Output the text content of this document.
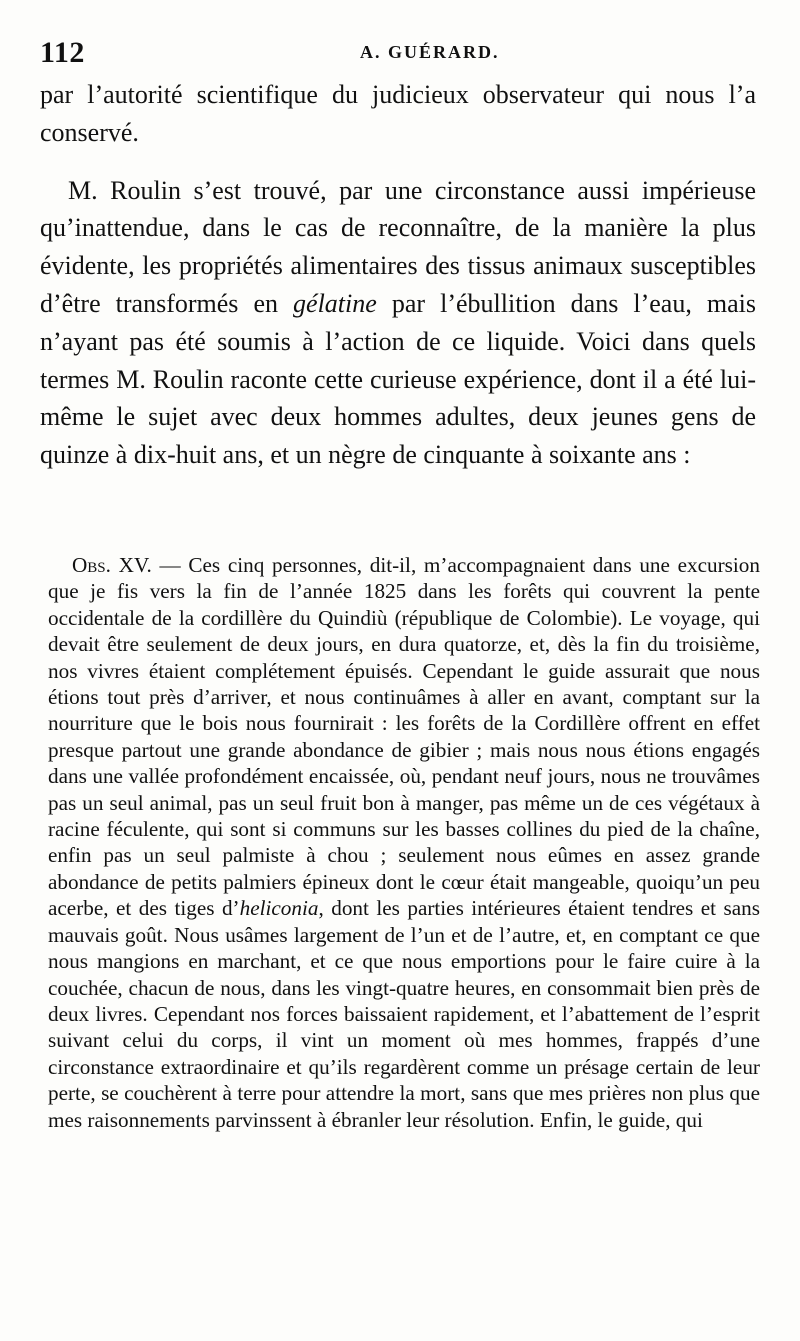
112	A. GUÉRARD.

par l’autorité scientifique du judicieux observateur qui nous l’a conservé.

M. Roulin s’est trouvé, par une circonstance aussi impérieuse qu’inattendue, dans le cas de reconnaître, de la manière la plus évidente, les propriétés alimentaires des tissus animaux susceptibles d’être transformés en gélatine par l’ébullition dans l’eau, mais n’ayant pas été soumis à l’action de ce liquide. Voici dans quels termes M. Roulin raconte cette curieuse expérience, dont il a été lui-même le sujet avec deux hommes adultes, deux jeunes gens de quinze à dix-huit ans, et un nègre de cinquante à soixante ans :

Obs. XV. — Ces cinq personnes, dit-il, m’accompagnaient dans une excursion que je fis vers la fin de l’année 1825 dans les forêts qui couvrent la pente occidentale de la cordillère du Quindiù (république de Colombie). Le voyage, qui devait être seulement de deux jours, en dura quatorze, et, dès la fin du troisième, nos vivres étaient complétement épuisés. Cependant le guide assurait que nous étions tout près d’arriver, et nous continuâmes à aller en avant, comptant sur la nourriture que le bois nous fournirait : les forêts de la Cordillère offrent en effet presque partout une grande abondance de gibier ; mais nous nous étions engagés dans une vallée profondément encaissée, où, pendant neuf jours, nous ne trouvâmes pas un seul animal, pas un seul fruit bon à manger, pas même un de ces végétaux à racine féculente, qui sont si communs sur les basses collines du pied de la chaîne, enfin pas un seul palmiste à chou ; seulement nous eûmes en assez grande abondance de petits palmiers épineux dont le cœur était mangeable, quoiqu’un peu acerbe, et des tiges d’heliconia, dont les parties intérieures étaient tendres et sans mauvais goût. Nous usâmes largement de l’un et de l’autre, et, en comptant ce que nous mangions en marchant, et ce que nous emportions pour le faire cuire à la couchée, chacun de nous, dans les vingt-quatre heures, en consommait bien près de deux livres. Cependant nos forces baissaient rapidement, et l’abattement de l’esprit suivant celui du corps, il vint un moment où mes hommes, frappés d’une circonstance extraordinaire et qu’ils regardèrent comme un présage certain de leur perte, se couchèrent à terre pour attendre la mort, sans que mes prières non plus que mes raisonnements parvinssent à ébranler leur résolution. Enfin, le guide, qui
